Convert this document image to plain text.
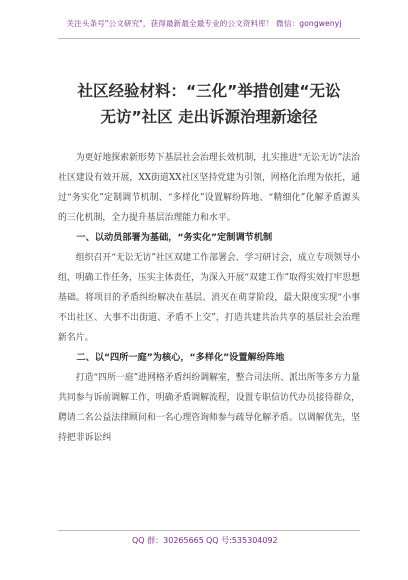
关注头条号"公文研究"，获得最新最全最专业的公文资料库！ 微信：gongwenyj
社区经验材料：“三化”举措创建“无讼
无访”社区 走出诉源治理新途径

为更好地探索新形势下基层社会治理长效机制，扎实推进“无讼无访”法治社区建设有效开展，XX街道XX社区坚持党建为引领，网格化治理为依托，通过“务实化”定制调节机制、“多样化”设置解纷阵地、“精细化”化解矛盾源头的三化机制，全力提升基层治理能力和水平。

一、以动员部署为基础，“务实化”定制调节机制

组织召开“无讼无访”社区双建工作部署会、学习研讨会，成立专项领导小组，明确工作任务，压实主体责任，为深入开展“双建工作”取得实效打牢思想基础。将项目的矛盾纠纷解决在基层、消灭在萌芽阶段，最大限度实现“小事不出社区、大事不出街道、矛盾不上交”，打造共建共治共享的基层社会治理新名片。

二、以“四所一庭”为核心，“多样化”设置解纷阵地

打造“四所一庭”进网格矛盾纠纷调解室，整合司法所、派出所等多方力量共同参与诉前调解工作，明确矛盾调解流程，设置专职信访代办员接待群众，聘请二名公益法律顾问和一名心理咨询师参与疏导化解矛盾。以调解优先，坚持把非诉讼纠

QQ 群：30265665 QQ 号:535304092
